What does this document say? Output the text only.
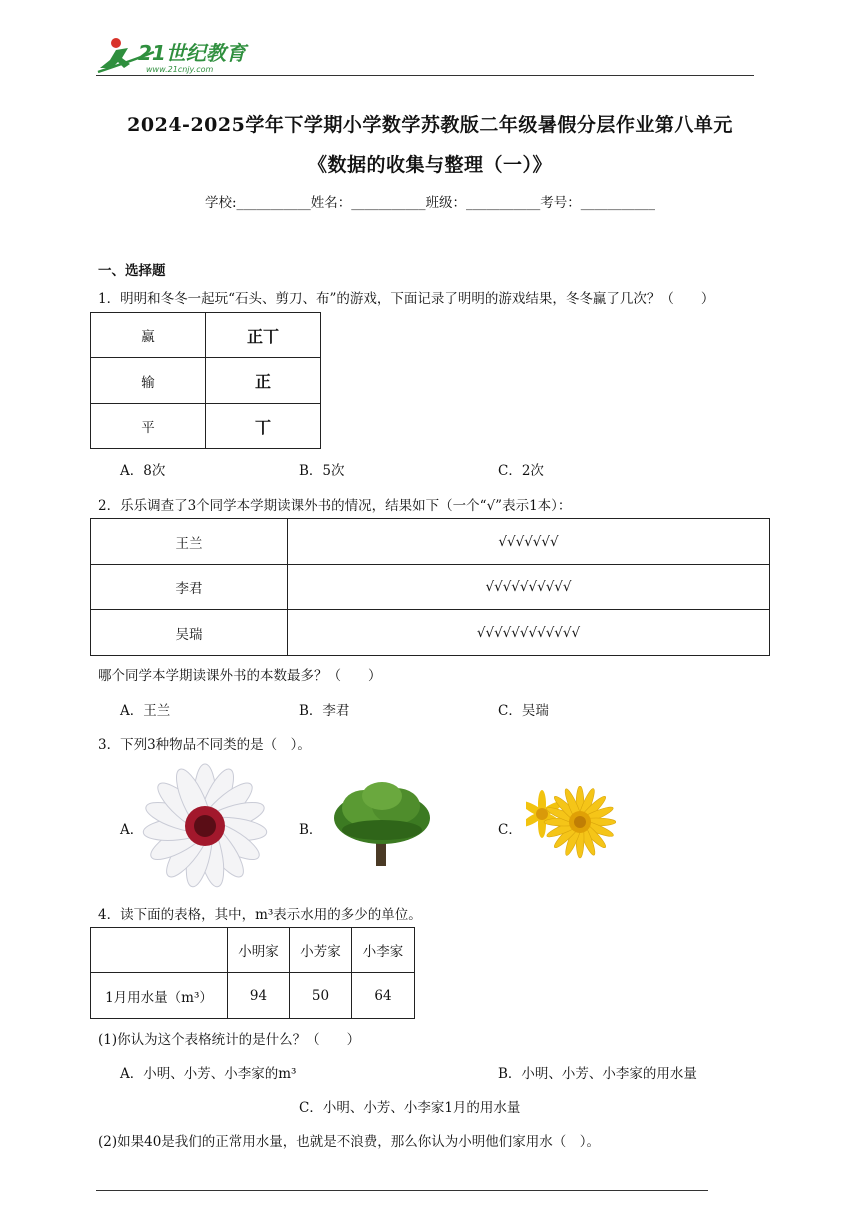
21世纪教育
www.21cnjy.com
2024-2025学年下学期小学数学苏教版二年级暑假分层作业第八单元
《数据的收集与整理（一）》
学校:___________姓名：___________班级：___________考号：___________
一、选择题
1．明明和冬冬一起玩“石头、剪刀、布”的游戏，下面记录了明明的游戏结果，冬冬赢了几次？（　　）
赢	正丅
输	正
平	丅
A．8次	B．5次	C．2次
2．乐乐调查了3个同学本学期读课外书的情况，结果如下（一个“√”表示1本）：
王兰	√√√√√√√
李君	√√√√√√√√√√
吴瑞	√√√√√√√√√√√√
哪个同学本学期读课外书的本数最多？（　　）
A．王兰	B．李君	C．吴瑞
3．下列3种物品不同类的是（　）。
A．	B．	C．
4．读下面的表格，其中，m³表示水用的多少的单位。
	小明家	小芳家	小李家
1月用水量（m³）	94	50	64
(1)你认为这个表格统计的是什么？（　　）
A．小明、小芳、小李家的m³	B．小明、小芳、小李家的用水量
C．小明、小芳、小李家1月的用水量
(2)如果40是我们的正常用水量，也就是不浪费，那么你认为小明他们家用水（　）。
